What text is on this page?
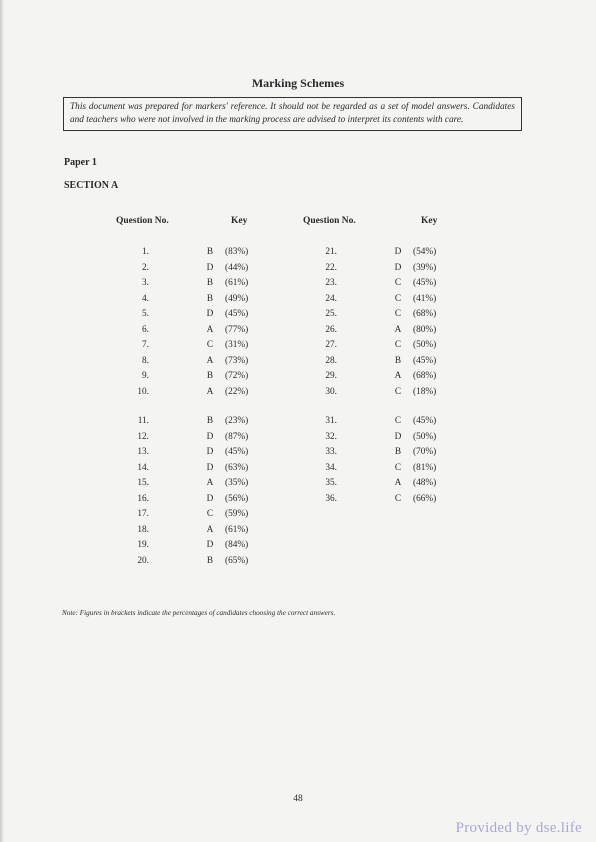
Marking Schemes
This document was prepared for markers' reference. It should not be regarded as a set of model answers. Candidates and teachers who were not involved in the marking process are advised to interpret its contents with care.
Paper 1
SECTION A
Question No.	Key	Question No.	Key
1.	B	(83%)
2.	D (44%)
3.	B	(61%)
4.	B	(49%)
5.	D (45%)
6.	A (77%)
7.	C	(31%)
8.	A (73%)
9.	B	(72%)
10.	A (22%)
11.	B	(23%)
12.	D (87%)
13.	D (45%)
14.	D (63%)
15.	A (35%)
16.	D (56%)
17.	C	(59%)
18.	A (61%)
19.	D (84%)
20.	B	(65%)
21.	D (54%)
22.	D (39%)
23.	C	(45%)
24.	C	(41%)
25.	C	(68%)
26.	A (80%)
27.	C	(50%)
28.	B	(45%)
29.	A (68%)
30.	C	(18%)
31.	C	(45%)
32.	D (50%)
33.	B	(70%)
34.	C	(81%)
35.	A (48%)
36.	C	(66%)
Note: Figures in brackets indicate the percentages of candidates choosing the correct answers.
48
Provided by dse.life
